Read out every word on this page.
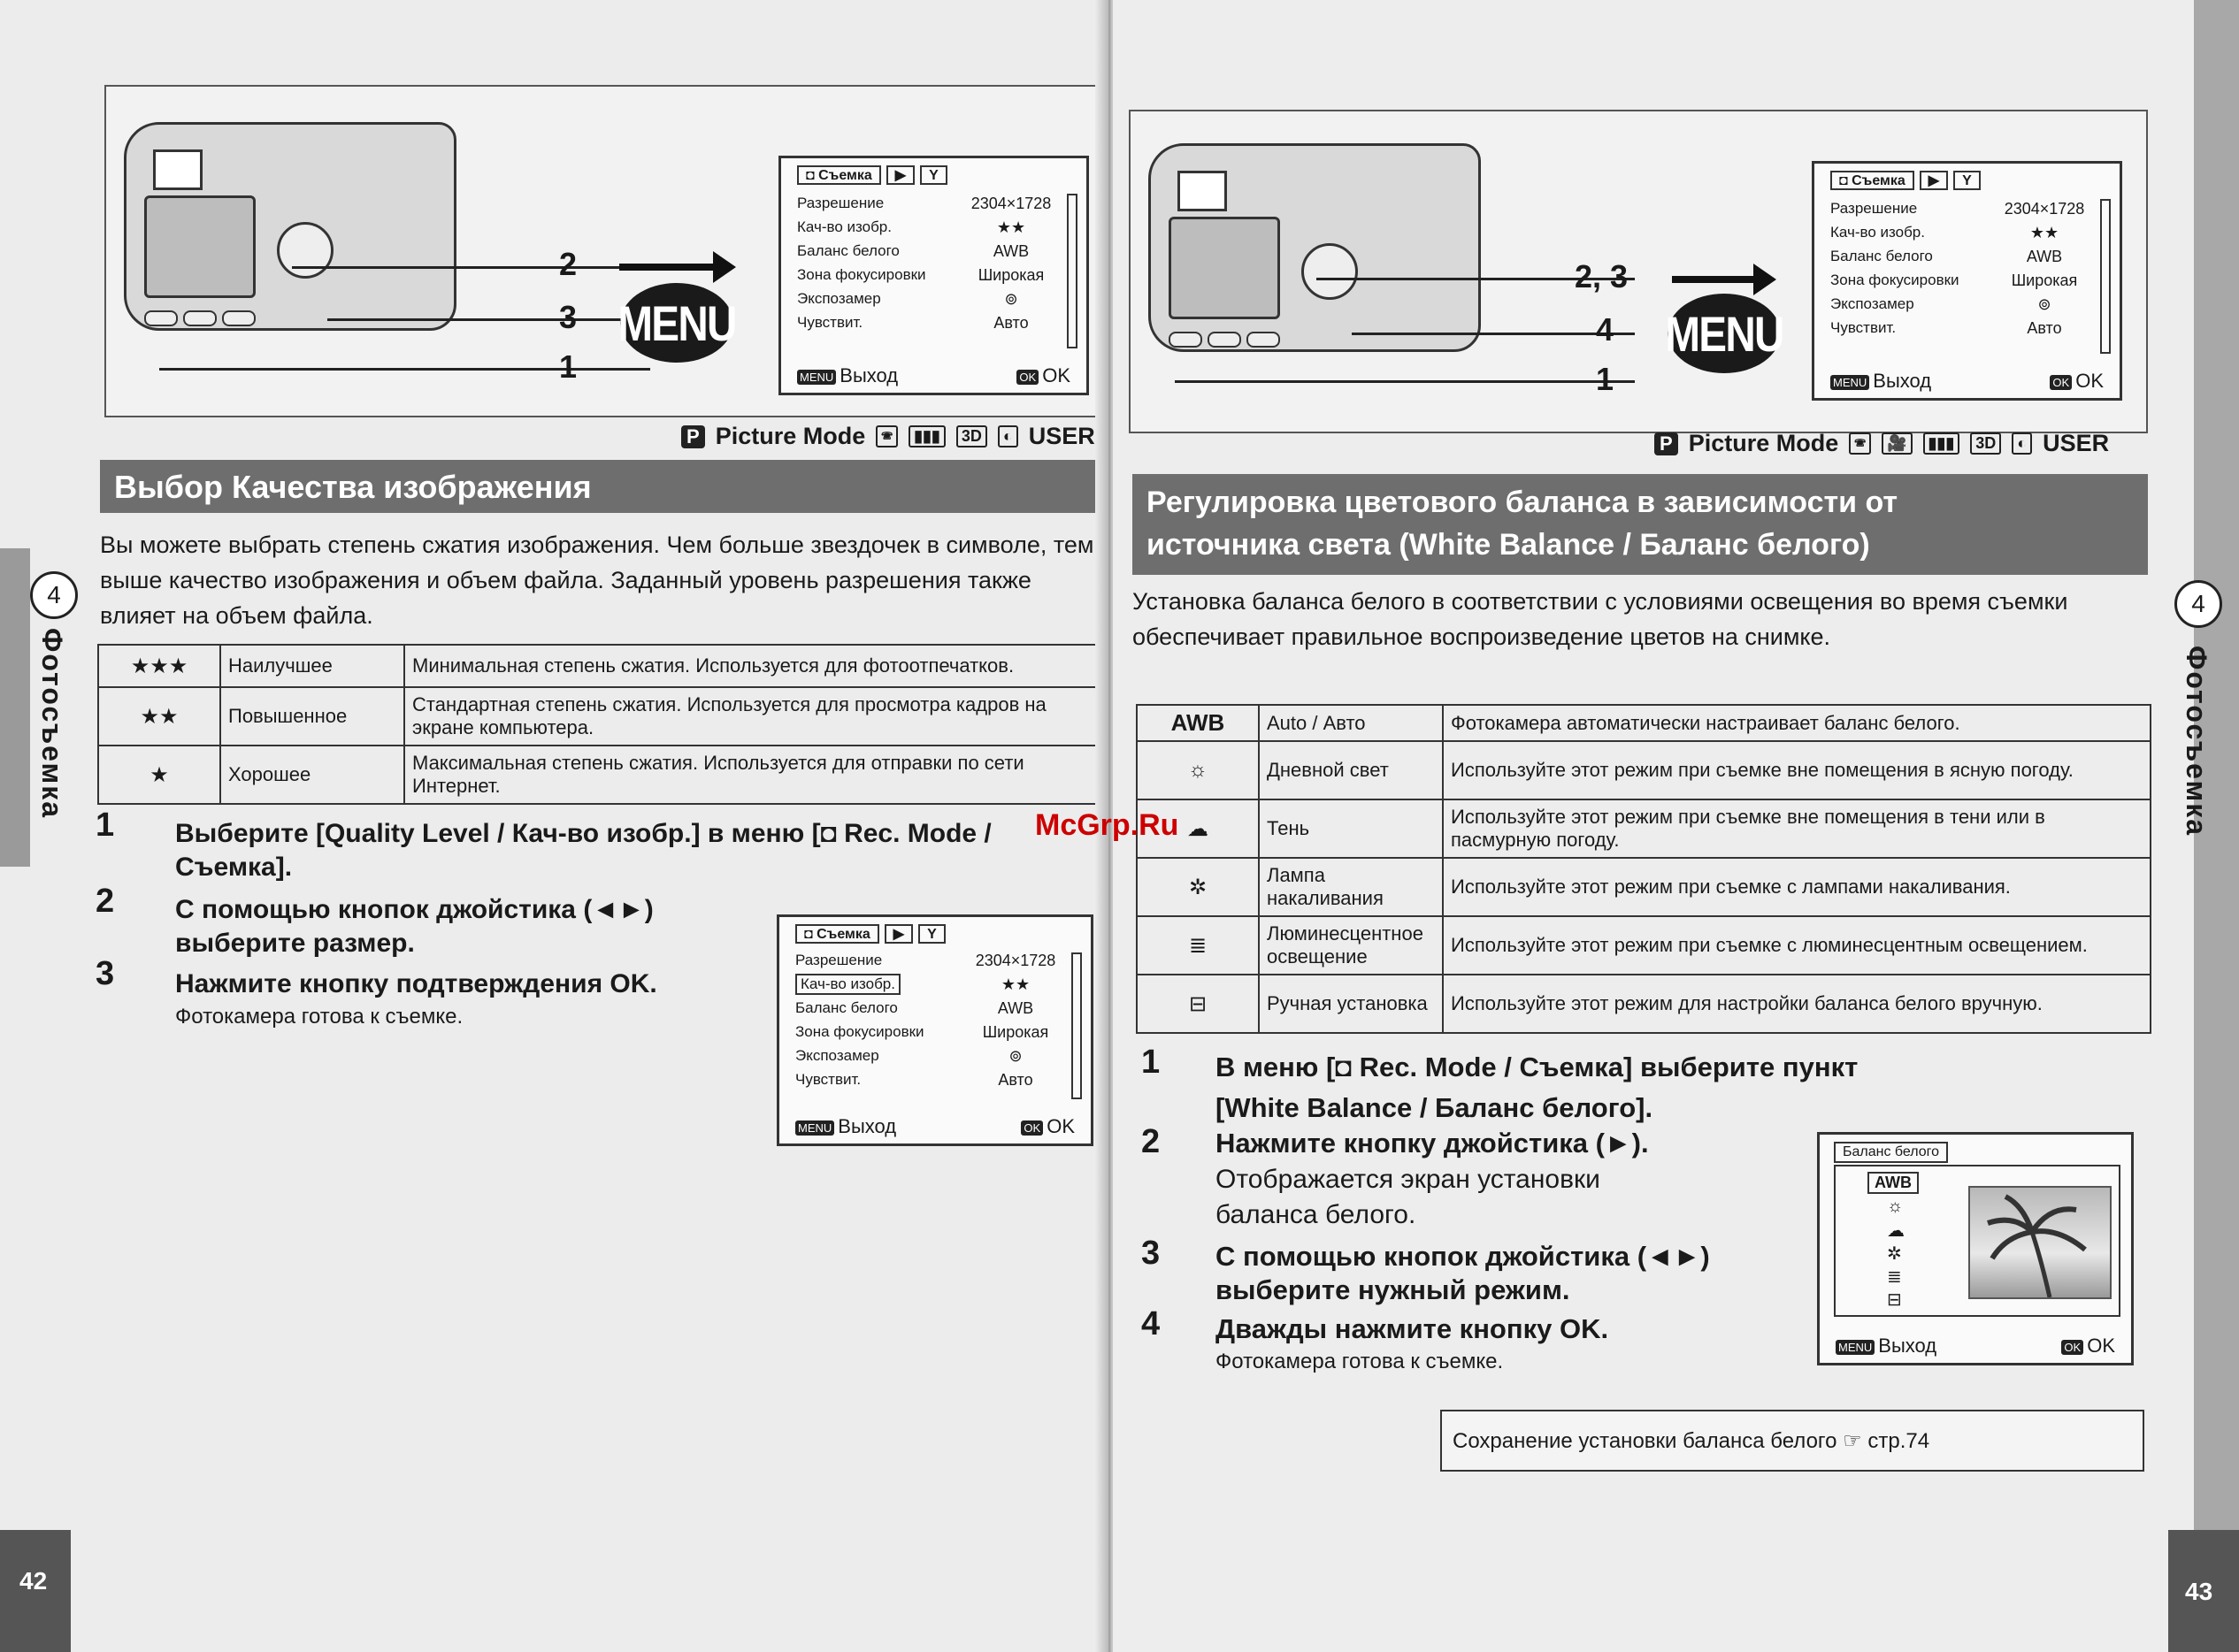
2
3
1
MENU
◘ Съемка	▶	Y
Разрешение	2304×1728
Кач-во изобр.	★★
Баланс белого	AWB
Зона фокусировки	Широкая
Экспозамер	⊚
Чувствит.	Авто
MENU Выход	OK OK
P Picture Mode	🕾	▮▮▮	3D	◐ USER
Выбор Качества изображения
Вы можете выбрать степень сжатия изображения. Чем больше звездочек в символе, тем выше качество изображения и объем файла. Заданный уровень разрешения также влияет на объем файла.
★★★	Наилучшее	Минимальная степень сжатия. Используется для фотоотпечатков.
★★	Повышенное	Стандартная степень сжатия. Используется для просмотра кадров на экране компьютера.
★	Хорошее	Максимальная степень сжатия. Используется для отправки по сети Интернет.
1 Выберите [Quality Level / Кач-во изобр.] в меню [◘ Rec. Mode / Съемка].
2 С помощью кнопок джойстика (◄►) выберите размер.
3 Нажмите кнопку подтверждения OK.
Фотокамера готова к съемке.
◘ Съемка	▶	Y
Разрешение	2304×1728
Кач-во изобр.	★★
Баланс белого	AWB
Зона фокусировки	Широкая
Экспозамер	⊚
Чувствит.	Авто
MENU Выход	OK OK
4
Фотосъемка
42
2, 3
4
1
MENU
◘ Съемка	▶	Y
Разрешение	2304×1728
Кач-во изобр.	★★
Баланс белого	AWB
Зона фокусировки	Широкая
Экспозамер	⊚
Чувствит.	Авто
MENU Выход	OK OK
P Picture Mode	🕾	🎥	▮▮▮	3D	◐ USER
Регулировка цветового баланса в зависимости от источника света (White Balance / Баланс белого)
Установка баланса белого в соответствии с условиями освещения во время съемки обеспечивает правильное воспроизведение цветов на снимке.
AWB	Auto / Авто	Фотокамера автоматически настраивает баланс белого.
☼	Дневной свет	Используйте этот режим при съемке вне помещения в ясную погоду.
☁	Тень	Используйте этот режим при съемке вне помещения в тени или в пасмурную погоду.
✲	Лампа накаливания	Используйте этот режим при съемке с лампами накаливания.
≣	Люминесцентное освещение	Используйте этот режим при съемке с люминесцентным освещением.
⊟	Ручная установка	Используйте этот режим для настройки баланса белого вручную.
1 В меню [◘ Rec. Mode / Съемка] выберите пункт [White Balance / Баланс белого].
2 Нажмите кнопку джойстика (►).
Отображается экран установки баланса белого.
3 С помощью кнопок джойстика (◄►) выберите нужный режим.
4 Дважды нажмите кнопку OK.
Фотокамера готова к съемке.
Баланс белого
AWB
☼
☁
✲
≣
⊟
MENU Выход	OK OK
Сохранение установки баланса белого ☞ стр.74
4
Фотосъемка
43
McGrp.Ru
